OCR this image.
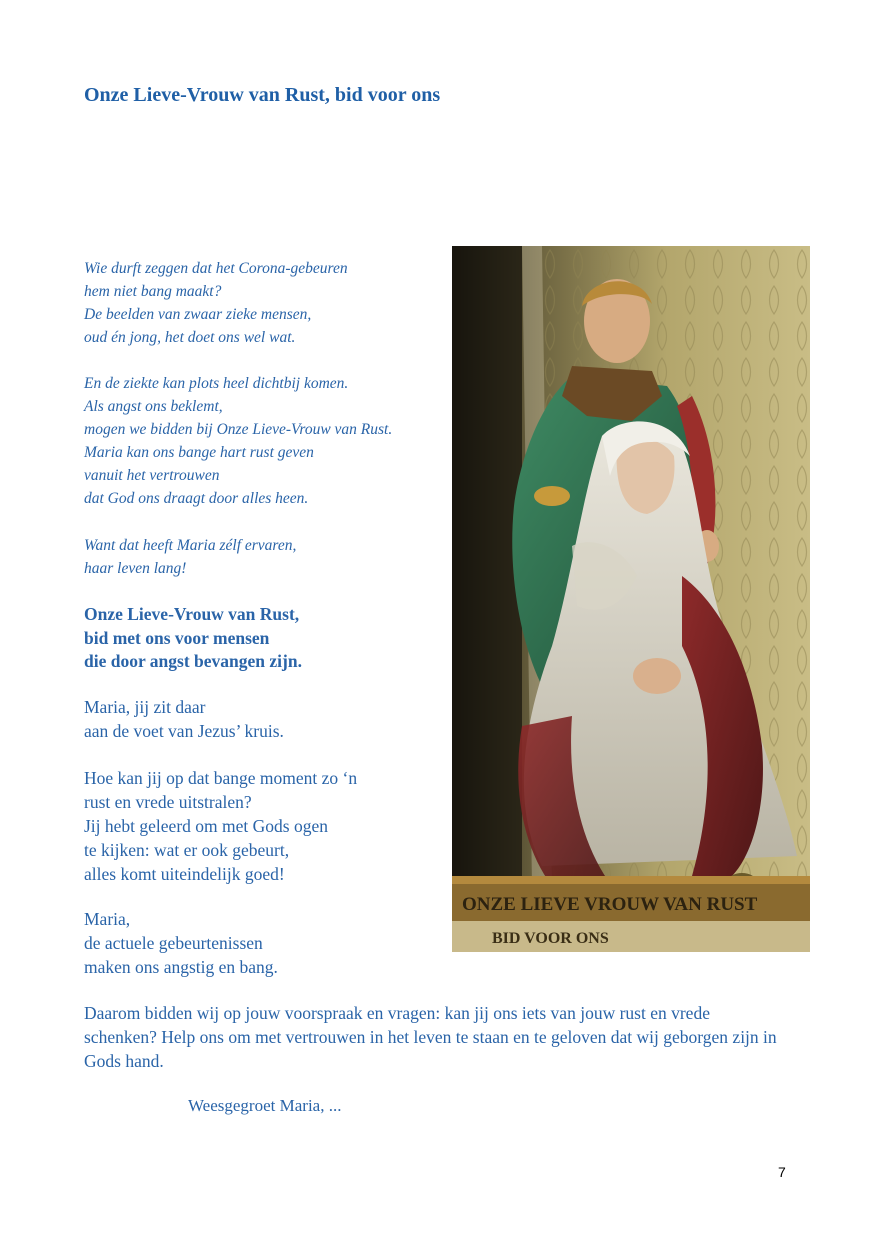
Onze Lieve-Vrouw van Rust, bid voor ons
Wie durft zeggen dat het Corona-gebeuren
hem niet bang maakt?
De beelden van zwaar zieke mensen,
oud én jong, het doet ons wel wat.
En de ziekte kan plots heel dichtbij komen.
Als angst ons beklemt,
mogen we bidden bij Onze Lieve-Vrouw van Rust.
Maria kan ons bange hart rust geven
vanuit het vertrouwen
dat God ons draagt door alles heen.
Want dat heeft Maria zélf ervaren,
haar leven lang!
Onze Lieve-Vrouw van Rust,
bid met ons voor mensen
die door angst bevangen zijn.
Maria, jij zit daar
aan de voet van Jezus’ kruis.
Hoe kan jij op dat bange moment zo ‘n
rust en vrede uitstralen?
Jij hebt geleerd om met Gods ogen
te kijken: wat er ook gebeurt,
alles komt uiteindelijk goed!
Maria,
de actuele gebeurtenissen
maken ons angstig en bang.

Daarom bidden wij op jouw voorspraak en vragen: kan jij ons iets van jouw rust en vrede schenken? Help ons om met vertrouwen in het leven te staan en te geloven dat wij geborgen zijn in Gods hand.

Weesgegroet Maria, ...
ONZE LIEVE VROUW VAN RUST
BID VOOR ONS
7
